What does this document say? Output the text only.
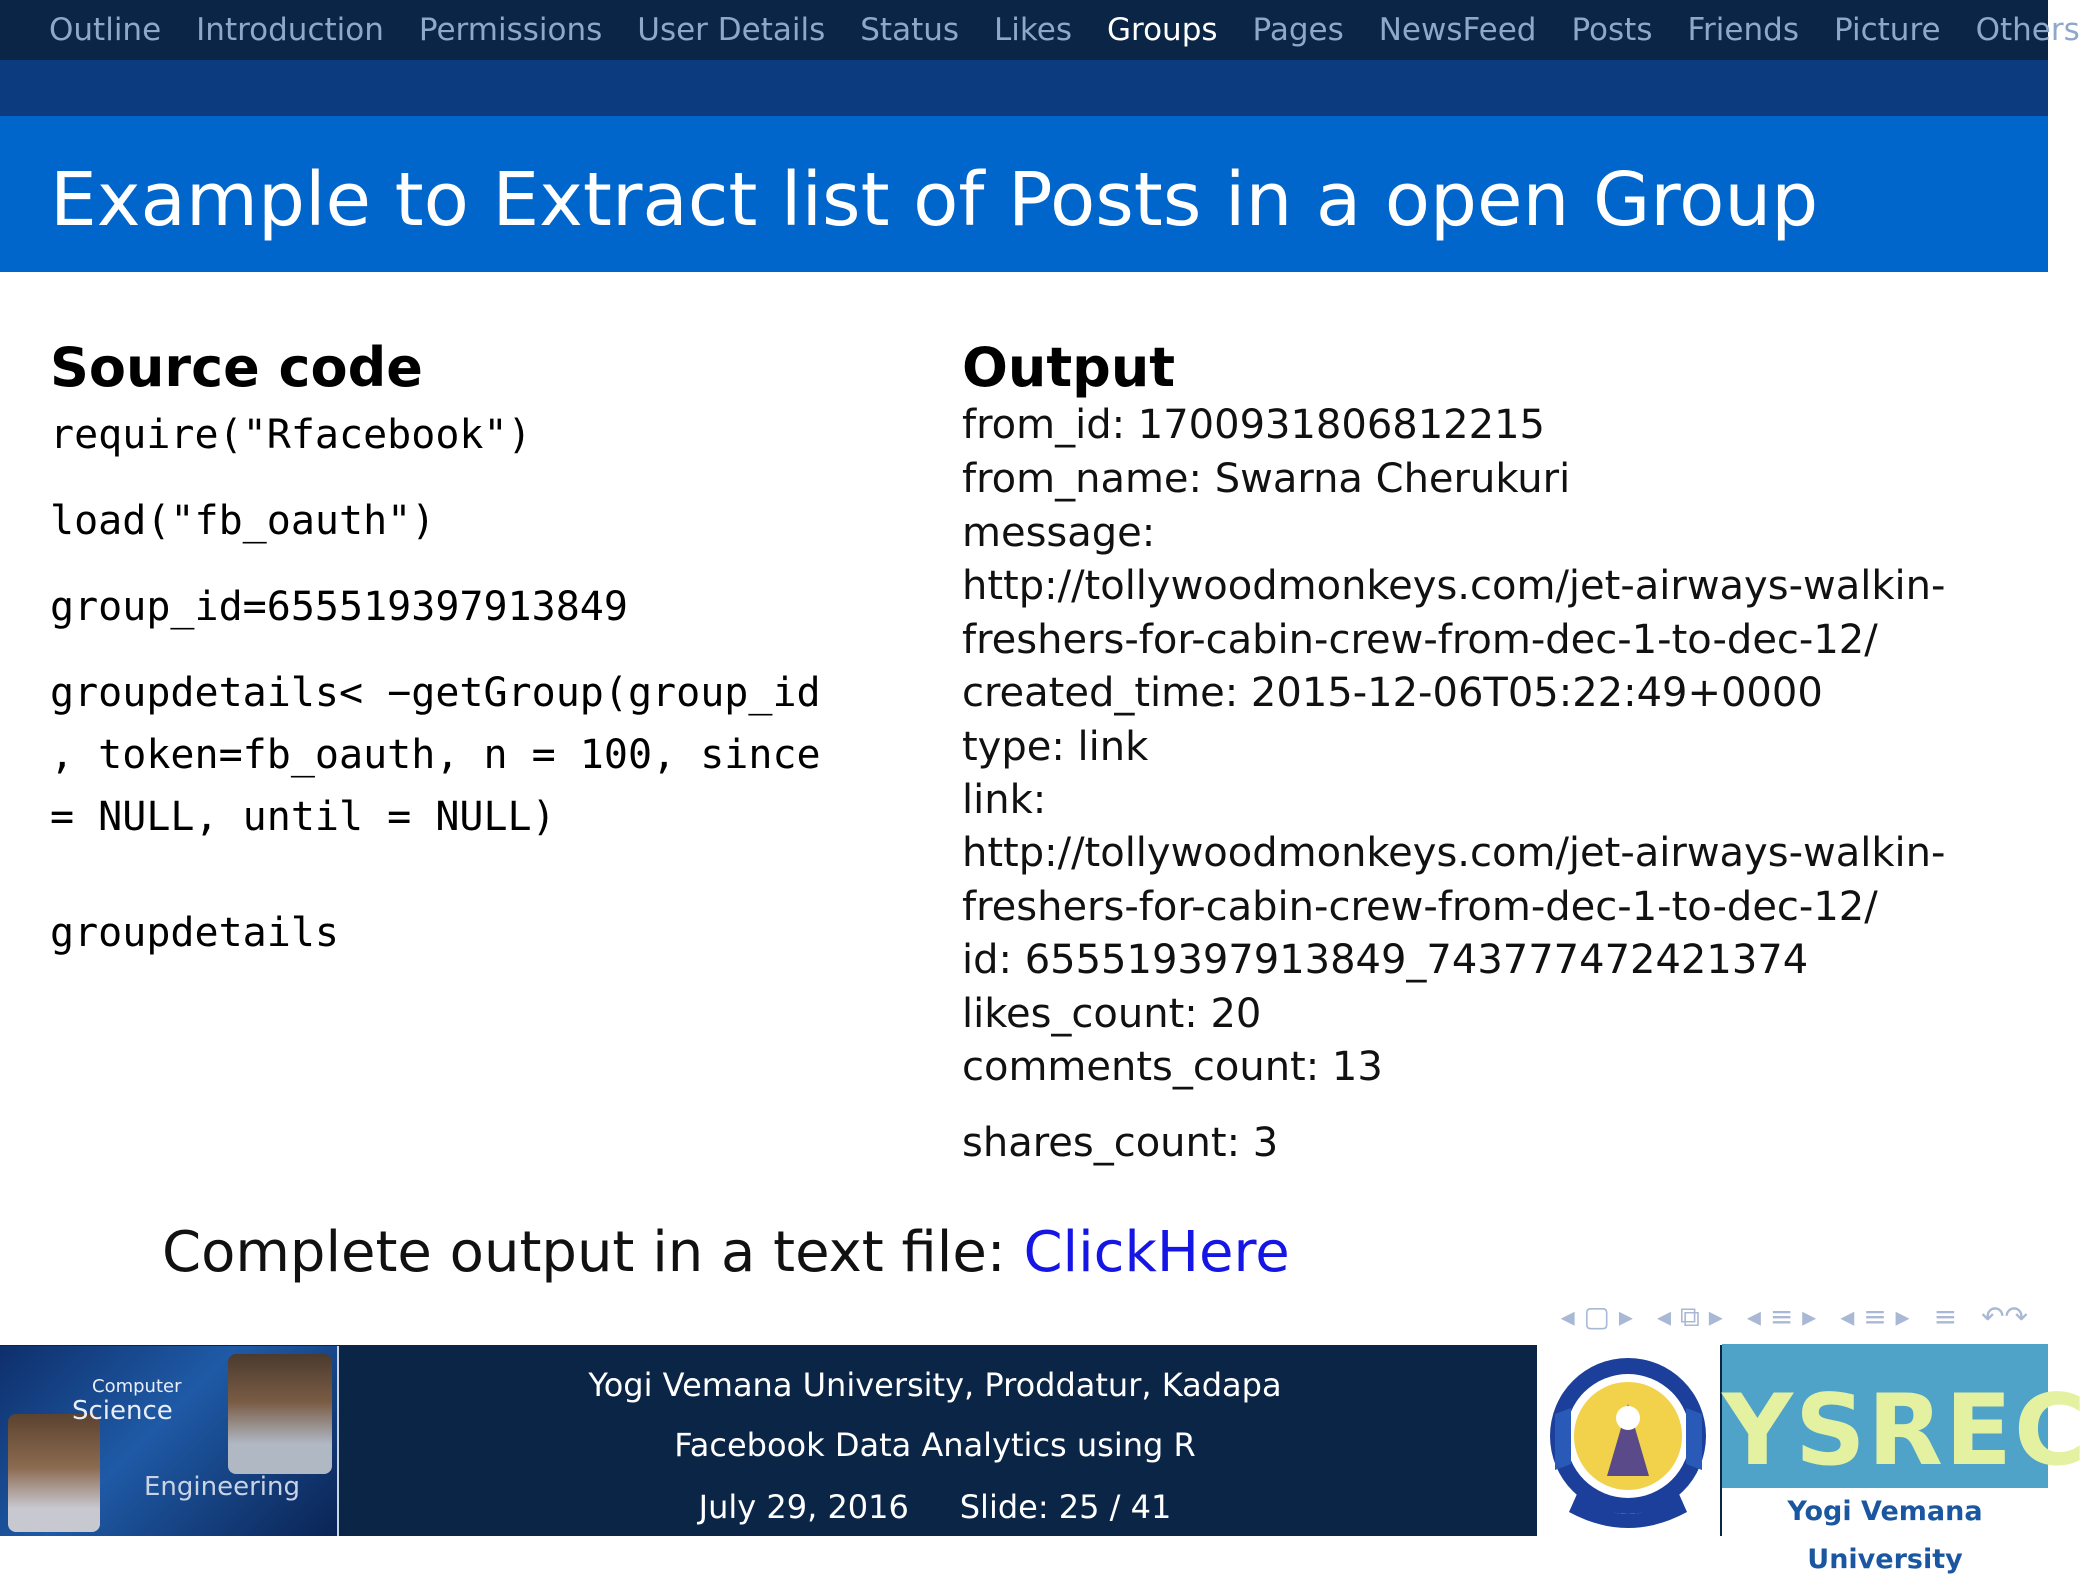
Outline Introduction Permissions User Details Status Likes Groups Pages NewsFeed Posts Friends Picture Others
Example to Extract list of Posts in a open Group
Source code
require("Rfacebook")
load("fb_oauth")
group_id=655519397913849
groupdetails< −getGroup(group_id
, token=fb_oauth, n = 100, since
= NULL, until = NULL)
groupdetails
Output
from_id: 1700931806812215
from_name: Swarna Cherukuri
message:
http://tollywoodmonkeys.com/jet-airways-walkin-
freshers-for-cabin-crew-from-dec-1-to-dec-12/
created_time: 2015-12-06T05:22:49+0000
type: link
link:
http://tollywoodmonkeys.com/jet-airways-walkin-
freshers-for-cabin-crew-from-dec-1-to-dec-12/
id: 655519397913849_743777472421374
likes_count: 20
comments_count: 13
shares_count: 3
Complete output in a text file: ClickHere
◂ ▢ ▸ ◂ ⧉ ▸ ◂ ≡ ▸ ◂ ≡ ▸ ≡ ↶↷
Computer
Science
Engineering
Yogi Vemana University, Proddatur, Kadapa
Facebook Data Analytics using R
July 29, 2016 Slide: 25 / 41
YSREC
Yogi Vemana University
